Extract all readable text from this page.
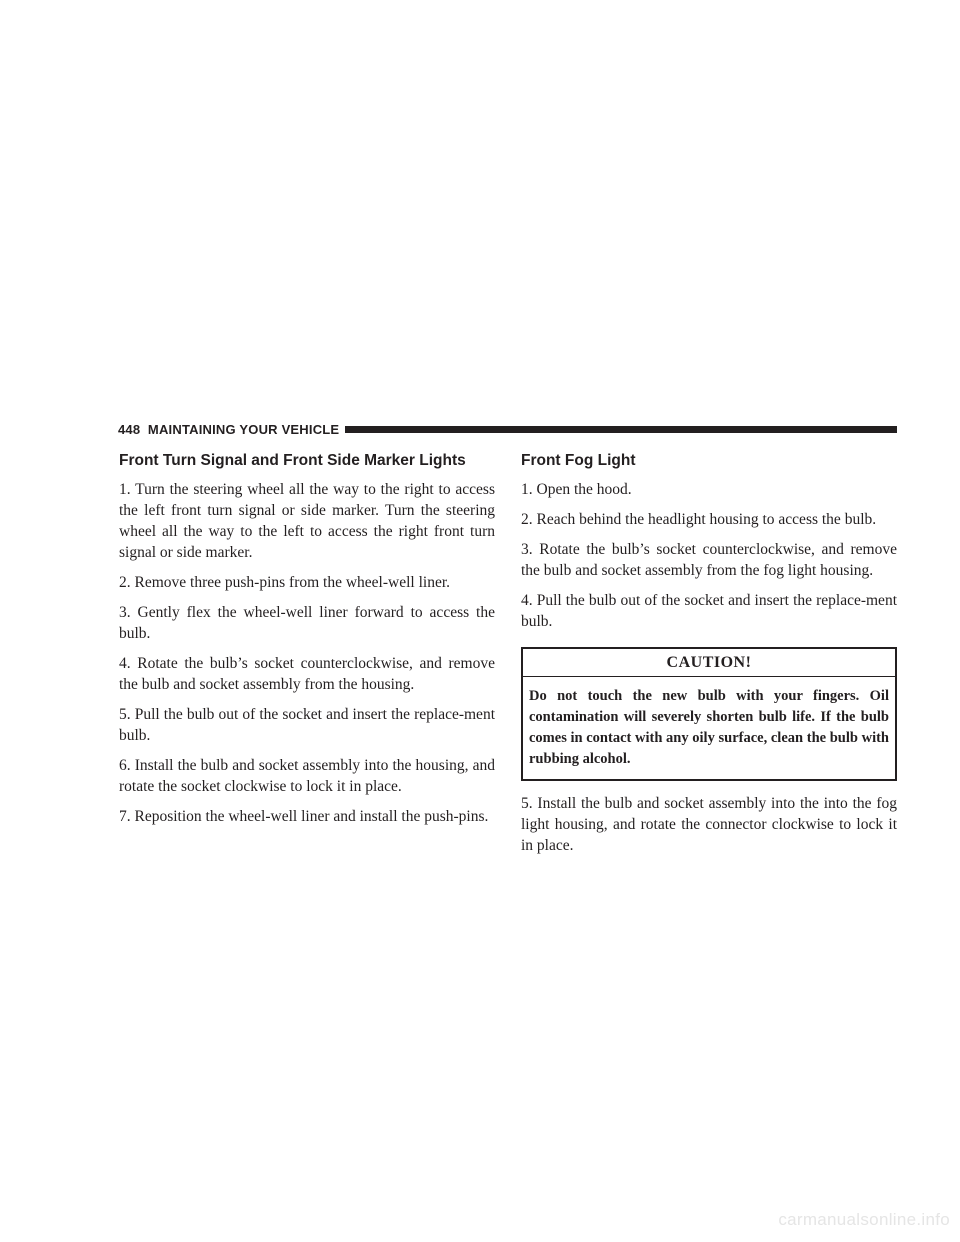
448 MAINTAINING YOUR VEHICLE
Front Turn Signal and Front Side Marker Lights

1. Turn the steering wheel all the way to the right to access the left front turn signal or side marker. Turn the steering wheel all the way to the left to access the right front turn signal or side marker.

2. Remove three push-pins from the wheel-well liner.

3. Gently flex the wheel-well liner forward to access the bulb.

4. Rotate the bulb’s socket counterclockwise, and remove the bulb and socket assembly from the housing.

5. Pull the bulb out of the socket and insert the replace-ment bulb.

6. Install the bulb and socket assembly into the housing, and rotate the socket clockwise to lock it in place.

7. Reposition the wheel-well liner and install the push-pins.

Front Fog Light

1. Open the hood.

2. Reach behind the headlight housing to access the bulb.

3. Rotate the bulb’s socket counterclockwise, and remove the bulb and socket assembly from the fog light housing.

4. Pull the bulb out of the socket and insert the replace-ment bulb.

CAUTION!
Do not touch the new bulb with your fingers. Oil contamination will severely shorten bulb life. If the bulb comes in contact with any oily surface, clean the bulb with rubbing alcohol.

5. Install the bulb and socket assembly into the into the fog light housing, and rotate the connector clockwise to lock it in place.

carmanualsonline.info
